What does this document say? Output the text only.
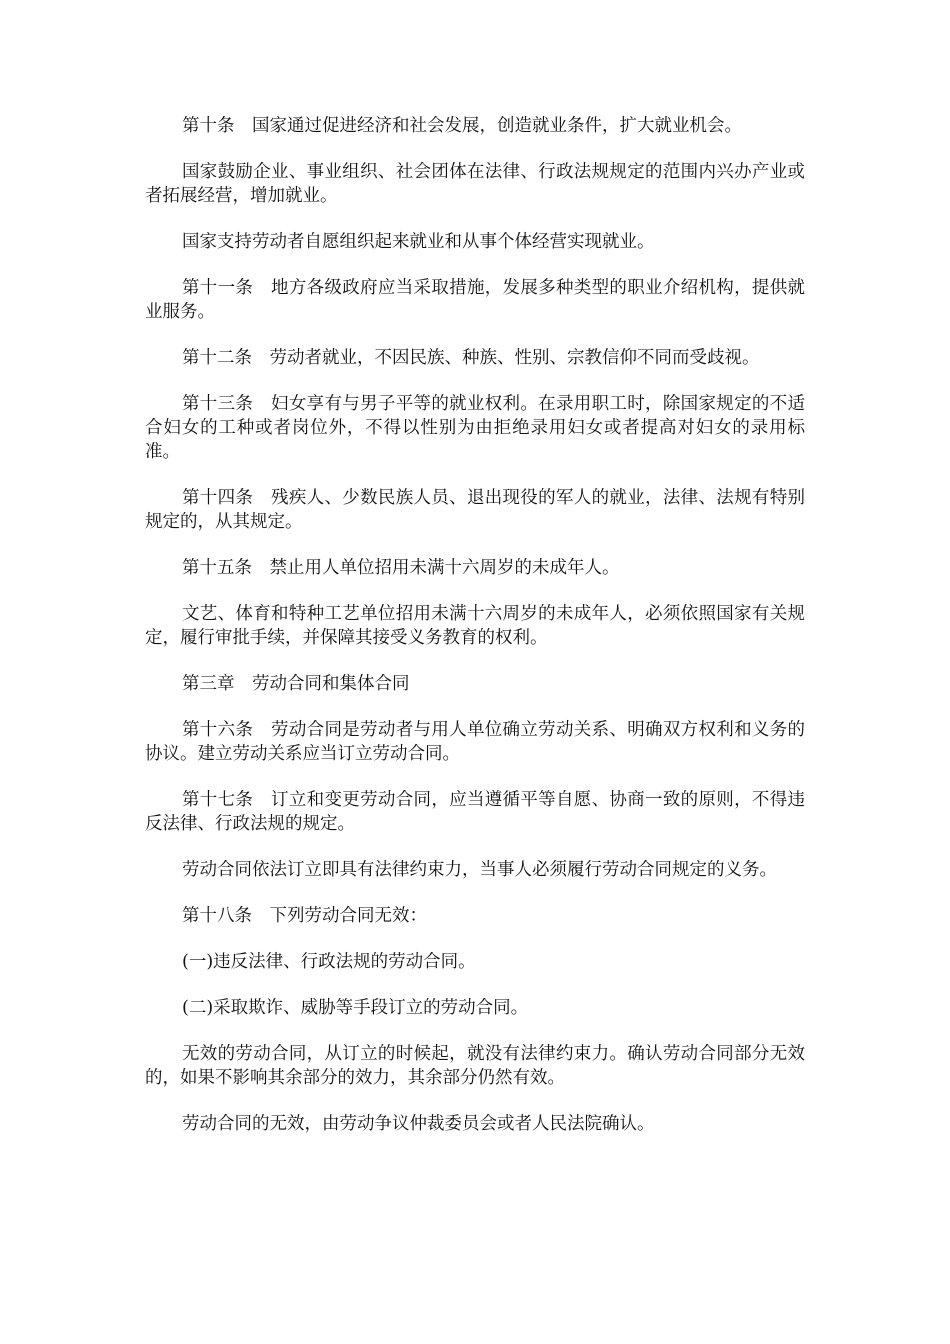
第十条　国家通过促进经济和社会发展，创造就业条件，扩大就业机会。

国家鼓励企业、事业组织、社会团体在法律、行政法规规定的范围内兴办产业或者拓展经营，增加就业。

国家支持劳动者自愿组织起来就业和从事个体经营实现就业。

第十一条　地方各级政府应当采取措施，发展多种类型的职业介绍机构，提供就业服务。

第十二条　劳动者就业，不因民族、种族、性别、宗教信仰不同而受歧视。

第十三条　妇女享有与男子平等的就业权利。在录用职工时，除国家规定的不适合妇女的工种或者岗位外，不得以性别为由拒绝录用妇女或者提高对妇女的录用标准。

第十四条　残疾人、少数民族人员、退出现役的军人的就业，法律、法规有特别规定的，从其规定。

第十五条　禁止用人单位招用未满十六周岁的未成年人。

文艺、体育和特种工艺单位招用未满十六周岁的未成年人，必须依照国家有关规定，履行审批手续，并保障其接受义务教育的权利。

第三章　劳动合同和集体合同

第十六条　劳动合同是劳动者与用人单位确立劳动关系、明确双方权利和义务的协议。建立劳动关系应当订立劳动合同。

第十七条　订立和变更劳动合同，应当遵循平等自愿、协商一致的原则，不得违反法律、行政法规的规定。

劳动合同依法订立即具有法律约束力，当事人必须履行劳动合同规定的义务。

第十八条　下列劳动合同无效：

(一)违反法律、行政法规的劳动合同。

(二)采取欺诈、威胁等手段订立的劳动合同。

无效的劳动合同，从订立的时候起，就没有法律约束力。确认劳动合同部分无效的，如果不影响其余部分的效力，其余部分仍然有效。

劳动合同的无效，由劳动争议仲裁委员会或者人民法院确认。
